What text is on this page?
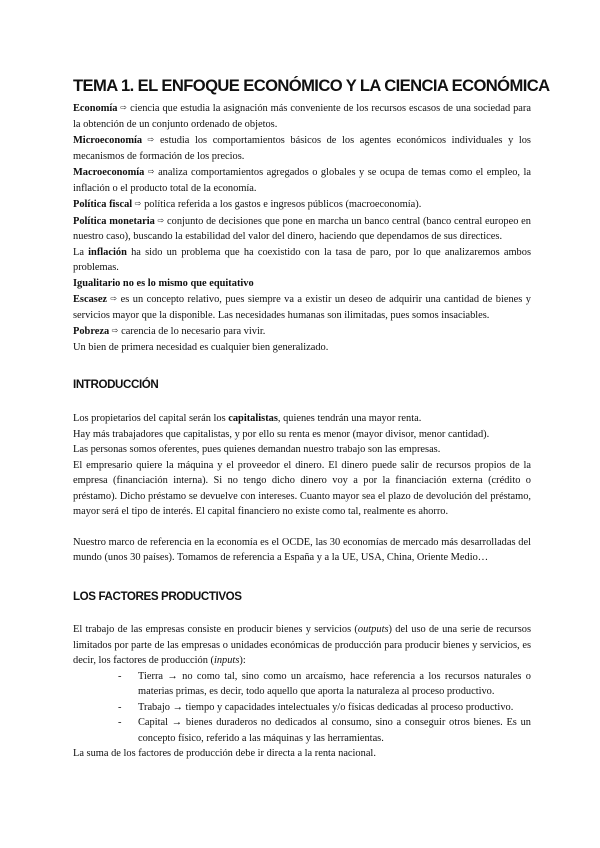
TEMA 1. EL ENFOQUE ECONÓMICO Y LA CIENCIA ECONÓMICA

Economía ⇨ ciencia que estudia la asignación más conveniente de los recursos escasos de una sociedad para la obtención de un conjunto ordenado de objetos.

Microeconomía ⇨ estudia los comportamientos básicos de los agentes económicos individuales y los mecanismos de formación de los precios.

Macroeconomía ⇨ analiza comportamientos agregados o globales y se ocupa de temas como el empleo, la inflación o el producto total de la economía.

Política fiscal ⇨ política referida a los gastos e ingresos públicos (macroeconomía).

Política monetaria ⇨ conjunto de decisiones que pone en marcha un banco central (banco central europeo en nuestro caso), buscando la estabilidad del valor del dinero, haciendo que dependamos de sus directices.

La inflación ha sido un problema que ha coexistido con la tasa de paro, por lo que analizaremos ambos problemas.

Igualitario no es lo mismo que equitativo

Escasez ⇨ es un concepto relativo, pues siempre va a existir un deseo de adquirir una cantidad de bienes y servicios mayor que la disponible. Las necesidades humanas son ilimitadas, pues somos insaciables.

Pobreza ⇨ carencia de lo necesario para vivir.

Un bien de primera necesidad es cualquier bien generalizado.

INTRODUCCIÓN

Los propietarios del capital serán los capitalistas, quienes tendrán una mayor renta.

Hay más trabajadores que capitalistas, y por ello su renta es menor (mayor divisor, menor cantidad).

Las personas somos oferentes, pues quienes demandan nuestro trabajo son las empresas.

El empresario quiere la máquina y el proveedor el dinero. El dinero puede salir de recursos propios de la empresa (financiación interna). Si no tengo dicho dinero voy a por la financiación externa (crédito o préstamo). Dicho préstamo se devuelve con intereses. Cuanto mayor sea el plazo de devolución del préstamo, mayor será el tipo de interés. El capital financiero no existe como tal, realmente es ahorro.

Nuestro marco de referencia en la economía es el OCDE, las 30 economías de mercado más desarrolladas del mundo (unos 30 países). Tomamos de referencia a España y a la UE, USA, China, Oriente Medio…

LOS FACTORES PRODUCTIVOS

El trabajo de las empresas consiste en producir bienes y servicios (outputs) del uso de una serie de recursos limitados por parte de las empresas o unidades económicas de producción para producir bienes y servicios, es decir, los factores de producción (inputs):

- Tierra → no como tal, sino como un arcaísmo, hace referencia a los recursos naturales o materias primas, es decir, todo aquello que aporta la naturaleza al proceso productivo.
- Trabajo → tiempo y capacidades intelectuales y/o físicas dedicadas al proceso productivo.
- Capital → bienes duraderos no dedicados al consumo, sino a conseguir otros bienes. Es un concepto físico, referido a las máquinas y las herramientas.

La suma de los factores de producción debe ir directa a la renta nacional.
